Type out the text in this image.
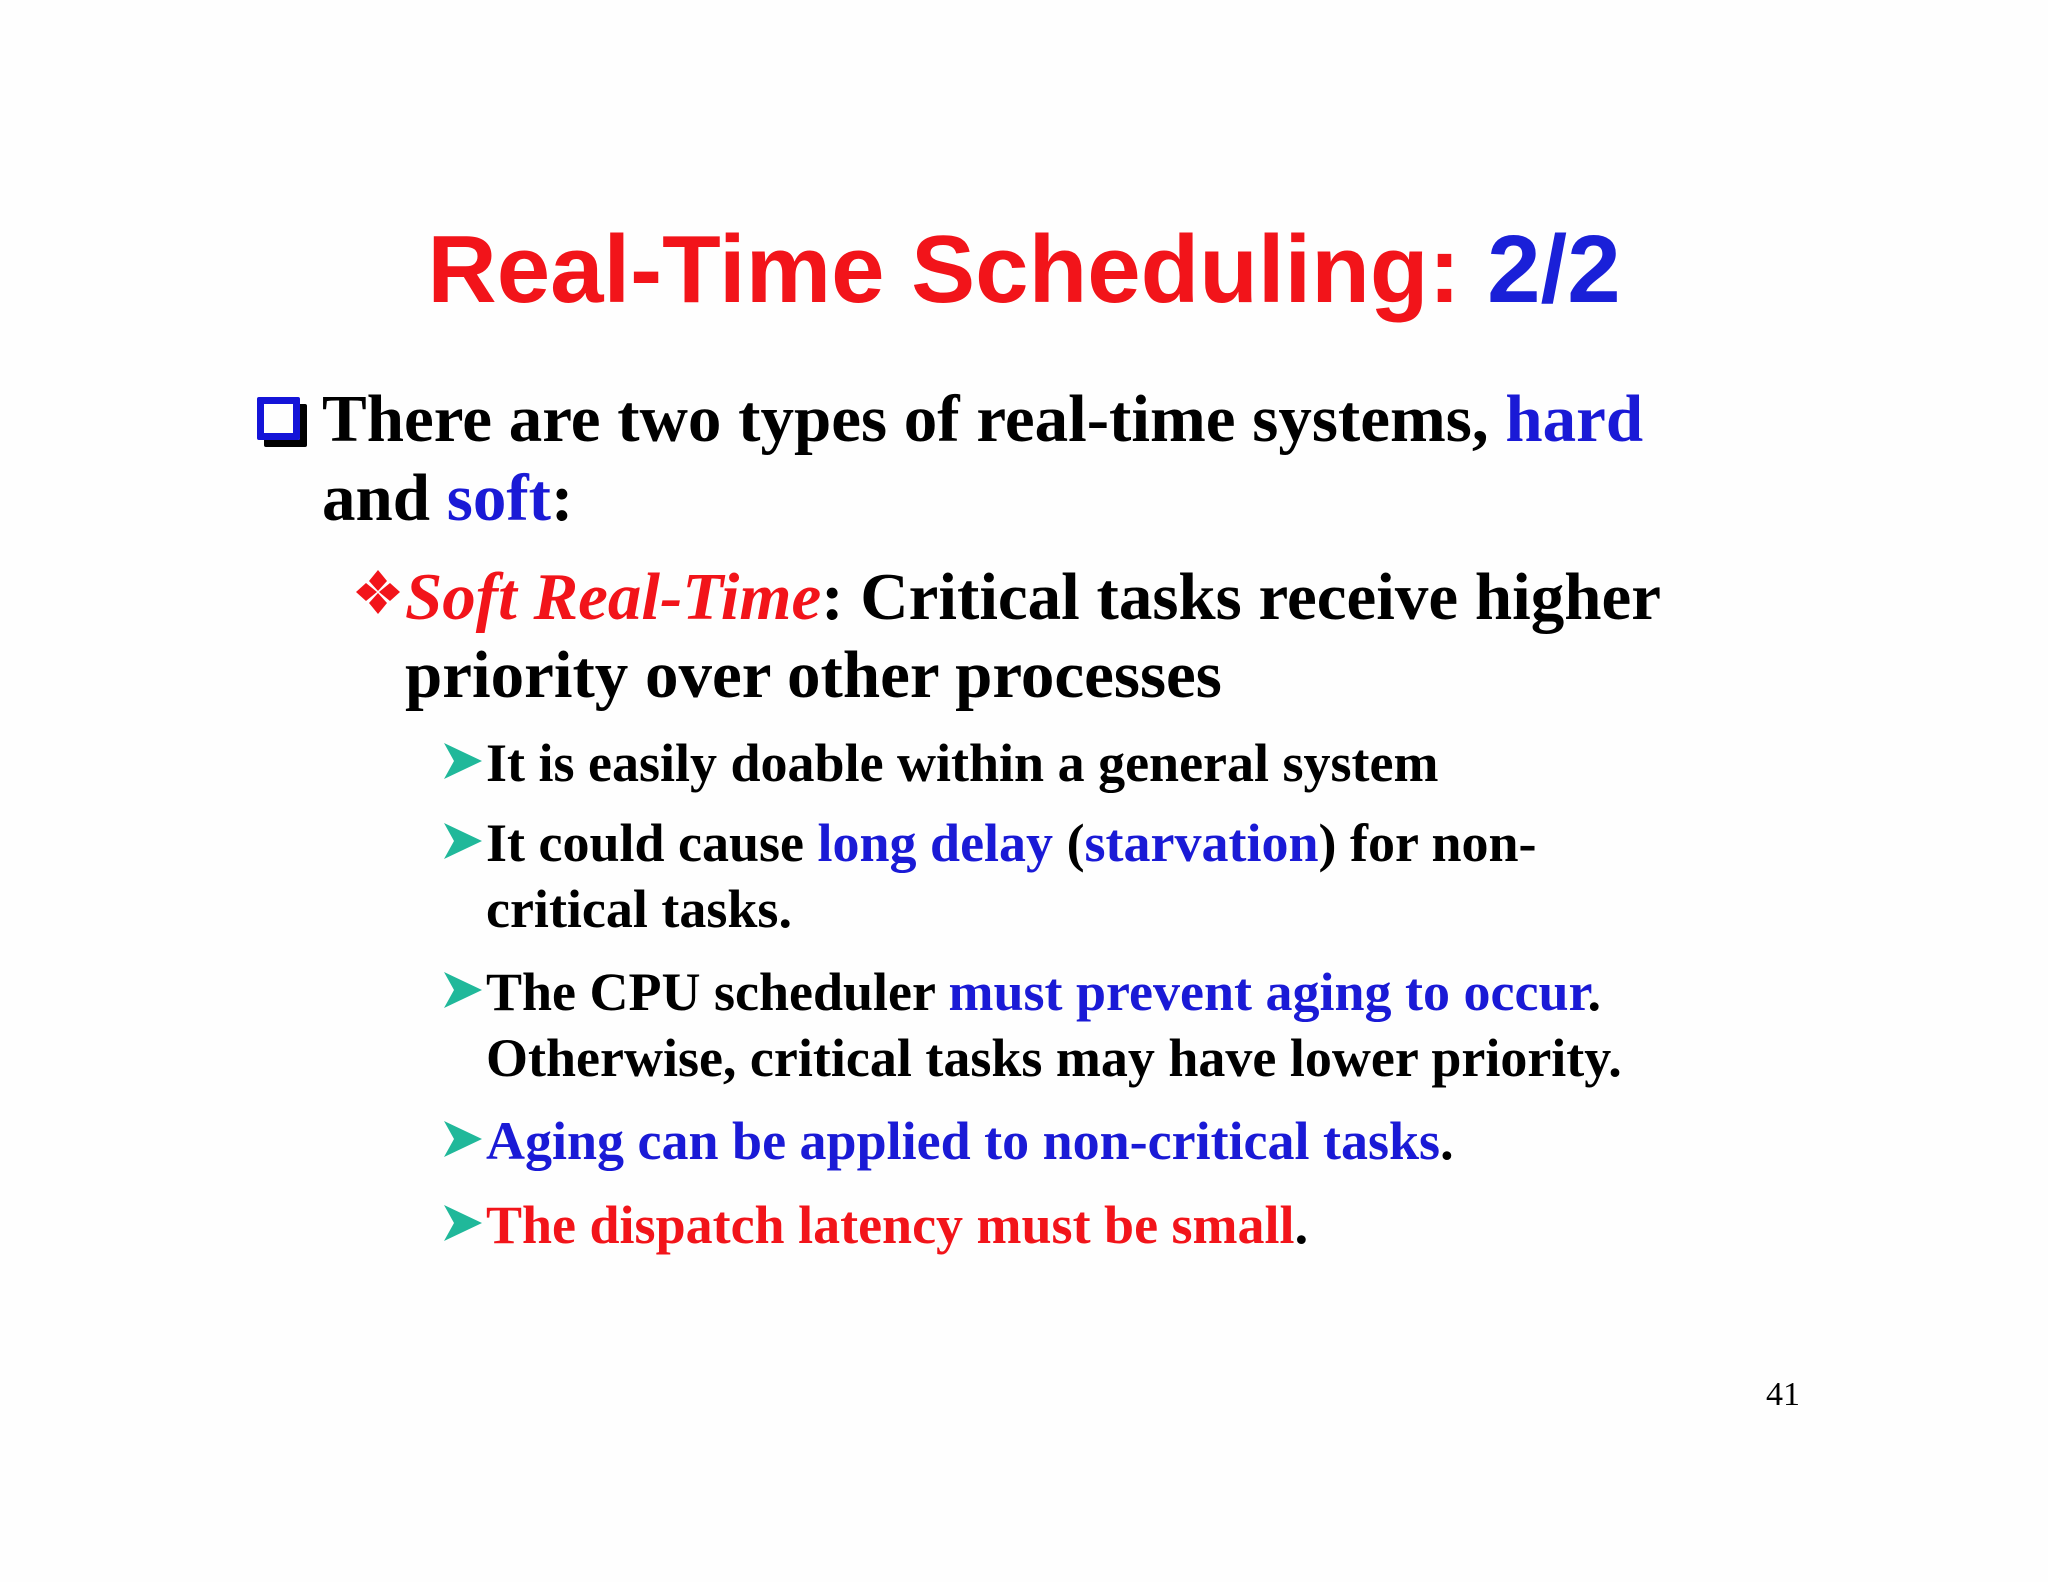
Real-Time Scheduling: 2/2
There are two types of real-time systems, hard
and soft:
Soft Real-Time: Critical tasks receive higher
priority over other processes
It is easily doable within a general system
It could cause long delay (starvation) for non-
critical tasks.
The CPU scheduler must prevent aging to occur.
Otherwise, critical tasks may have lower priority.
Aging can be applied to non-critical tasks.
The dispatch latency must be small.
41
